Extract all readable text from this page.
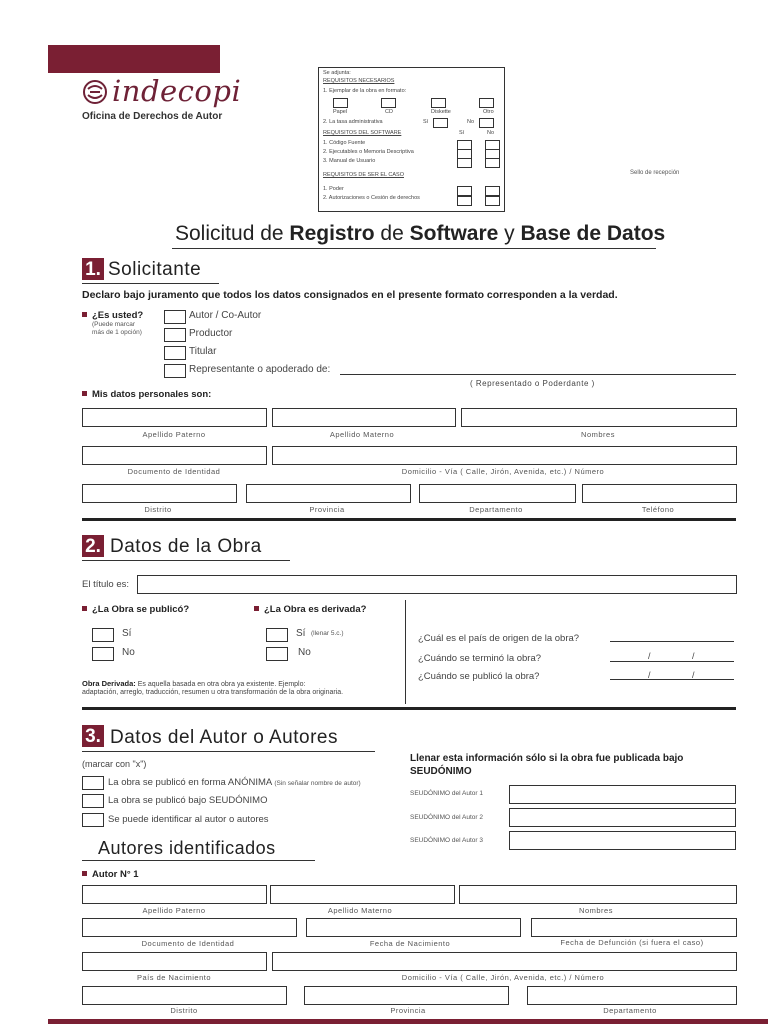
indecopi
Oficina de Derechos de Autor
Se adjunta:
REQUISITOS NECESARIOS
1. Ejemplar de la obra en formato:
Papel	CD	Diskette	Otro
2. La tasa administrativa	Sí	No
REQUISITOS DEL SOFTWARE	Sí	No
1. Código Fuente
2. Ejecutables o Memoria Descriptiva
3. Manual de Usuario
REQUISITOS DE SER EL CASO
1. Poder
2. Autorizaciones o Cesión de derechos
Sello de recepción
Solicitud de Registro de Software y Base de Datos
1. Solicitante
Declaro bajo juramento que todos los datos consignados en el presente formato corresponden a la verdad.
¿Es usted?
(Puede marcar
más de 1 opción)
Autor / Co-Autor
Productor
Titular
Representante o apoderado de:
( Representado o Poderdante )
Mis datos personales son:
Apellido Paterno	Apellido Materno	Nombres
Documento de Identidad	Domicilio - Vía ( Calle, Jirón, Avenida, etc.) / Número
Distrito	Provincia	Departamento	Teléfono
2. Datos de la Obra
El título es:
¿La Obra se publicó?	¿La Obra es derivada?
Sí
No
Sí (llenar 5.c.)
No
¿Cuál es el país de origen de la obra?
¿Cuándo se terminó la obra?	/	/
¿Cuándo se publicó la obra?	/	/
Obra Derivada: Es aquella basada en otra obra ya existente. Ejemplo:
adaptación, arreglo, traducción, resumen u otra transformación de la obra originaria.
3. Datos del Autor o Autores
(marcar con "x")
La obra se publicó en forma ANÓNIMA (Sin señalar nombre de autor)
La obra se publicó bajo SEUDÓNIMO
Se puede identificar al autor o autores
Llenar esta información sólo si la obra fue publicada bajo
SEUDÓNIMO
SEUDÓNIMO del Autor 1
SEUDÓNIMO del Autor 2
SEUDÓNIMO del Autor 3
Autores identificados
Autor N° 1
Apellido Paterno	Apellido Materno	Nombres
Documento de Identidad	Fecha de Nacimiento	Fecha de Defunción (si fuera el caso)
País de Nacimiento	Domicilio - Vía ( Calle, Jirón, Avenida, etc.) / Número
Distrito	Provincia	Departamento
